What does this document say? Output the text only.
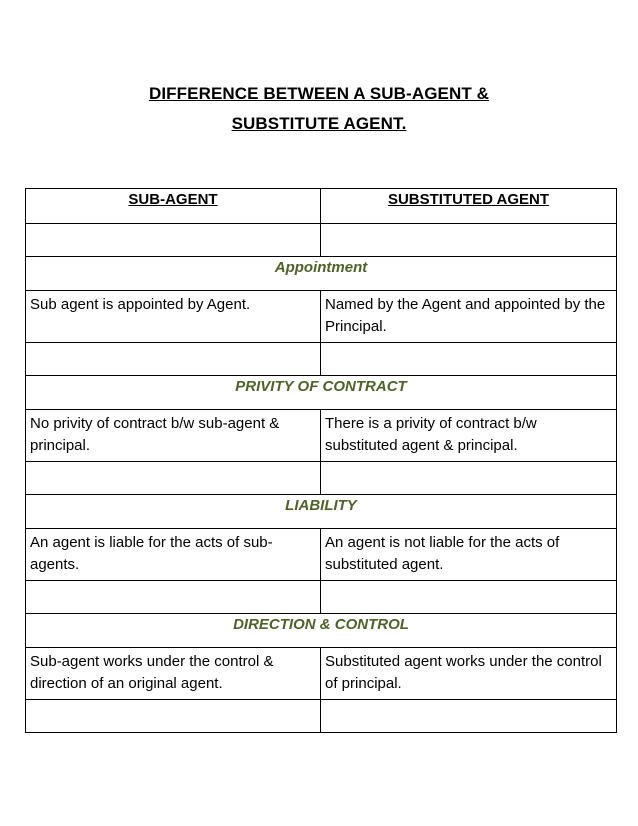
DIFFERENCE BETWEEN A SUB-AGENT &
SUBSTITUTE AGENT.
SUB-AGENT	SUBSTITUTED AGENT

Appointment	
Sub agent is appointed by Agent.	Named by the Agent and appointed by the Principal.

PRIVITY OF CONTRACT	
No privity of contract b/w sub-agent & principal.	There is a privity of contract b/w substituted agent & principal.

LIABILITY	
An agent is liable for the acts of sub-agents.	An agent is not liable for the acts of substituted agent.

DIRECTION & CONTROL	
Sub-agent works under the control & direction of an original agent.	Substituted agent works under the control of principal.
